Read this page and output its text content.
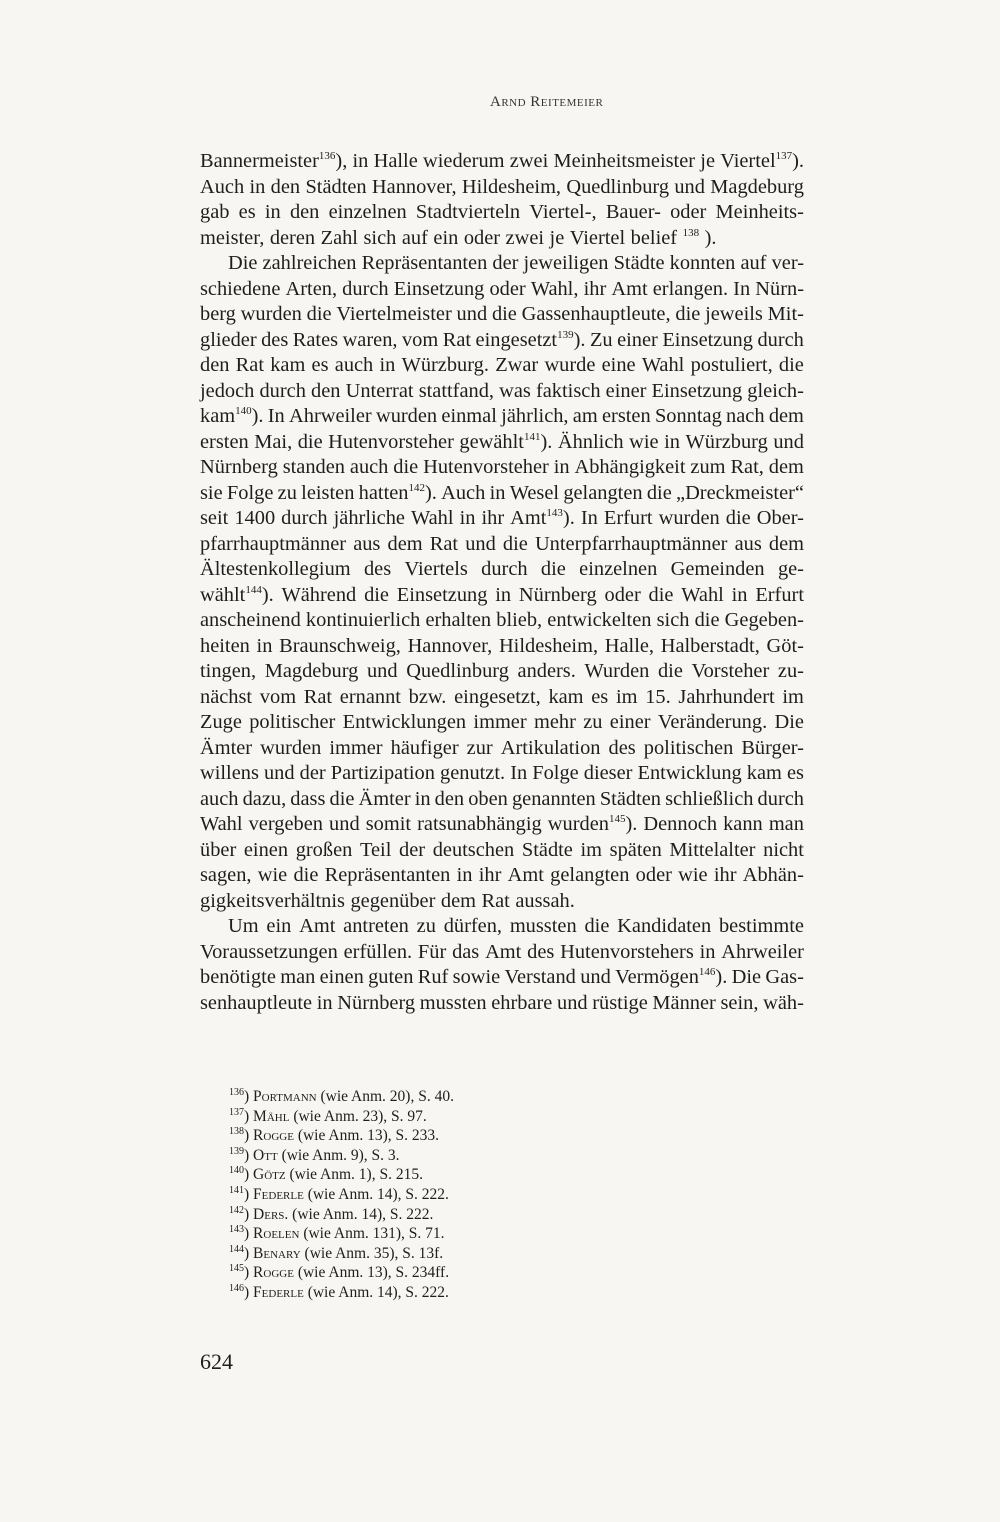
Arnd Reitemeier
Bannermeister$^{136}$), in Halle wiederum zwei Meinheitsmeister je Viertel$^{137}$).
Auch in den Städten Hannover, Hildesheim, Quedlinburg und Magdeburg
gab es in den einzelnen Stadtvierteln Viertel-, Bauer- oder Meinheits-
meister, deren Zahl sich auf ein oder zwei je Viertel belief $^{138}$ ).
Die zahlreichen Repräsentanten der jeweiligen Städte konnten auf ver-
schiedene Arten, durch Einsetzung oder Wahl, ihr Amt erlangen. In Nürn-
berg wurden die Viertelmeister und die Gassenhauptleute, die jeweils Mit-
glieder des Rates waren, vom Rat eingesetzt$^{139}$). Zu einer Einsetzung durch
den Rat kam es auch in Würzburg. Zwar wurde eine Wahl postuliert, die
jedoch durch den Unterrat stattfand, was faktisch einer Einsetzung gleich-
kam$^{140}$). In Ahrweiler wurden einmal jährlich, am ersten Sonntag nach dem
ersten Mai, die Hutenvorsteher gewählt$^{141}$). Ähnlich wie in Würzburg und
Nürnberg standen auch die Hutenvorsteher in Abhängigkeit zum Rat, dem
sie Folge zu leisten hatten$^{142}$). Auch in Wesel gelangten die „Dreckmeister“
seit 1400 durch jährliche Wahl in ihr Amt$^{143}$). In Erfurt wurden die Ober-
pfarrhauptmänner aus dem Rat und die Unterpfarrhauptmänner aus dem
Ältestenkollegium des Viertels durch die einzelnen Gemeinden ge-
wählt$^{144}$). Während die Einsetzung in Nürnberg oder die Wahl in Erfurt
anscheinend kontinuierlich erhalten blieb, entwickelten sich die Gegeben-
heiten in Braunschweig, Hannover, Hildesheim, Halle, Halberstadt, Göt-
tingen, Magdeburg und Quedlinburg anders. Wurden die Vorsteher zu-
nächst vom Rat ernannt bzw. eingesetzt, kam es im 15. Jahrhundert im
Zuge politischer Entwicklungen immer mehr zu einer Veränderung. Die
Ämter wurden immer häufiger zur Artikulation des politischen Bürger-
willens und der Partizipation genutzt. In Folge dieser Entwicklung kam es
auch dazu, dass die Ämter in den oben genannten Städten schließlich durch
Wahl vergeben und somit ratsunabhängig wurden$^{145}$). Dennoch kann man
über einen großen Teil der deutschen Städte im späten Mittelalter nicht
sagen, wie die Repräsentanten in ihr Amt gelangten oder wie ihr Abhän-
gigkeitsverhältnis gegenüber dem Rat aussah.
Um ein Amt antreten zu dürfen, mussten die Kandidaten bestimmte
Voraussetzungen erfüllen. Für das Amt des Hutenvorstehers in Ahrweiler
benötigte man einen guten Ruf sowie Verstand und Vermögen$^{146}$). Die Gas-
senhauptleute in Nürnberg mussten ehrbare und rüstige Männer sein, wäh-
$^{136}$) Portmann (wie Anm. 20), S. 40.
$^{137}$) Mähl (wie Anm. 23), S. 97.
$^{138}$) Rogge (wie Anm. 13), S. 233.
$^{139}$) Ott (wie Anm. 9), S. 3.
$^{140}$) Götz (wie Anm. 1), S. 215.
$^{141}$) Federle (wie Anm. 14), S. 222.
$^{142}$) Ders. (wie Anm. 14), S. 222.
$^{143}$) Roelen (wie Anm. 131), S. 71.
$^{144}$) Benary (wie Anm. 35), S. 13f.
$^{145}$) Rogge (wie Anm. 13), S. 234ff.
$^{146}$) Federle (wie Anm. 14), S. 222.
624
